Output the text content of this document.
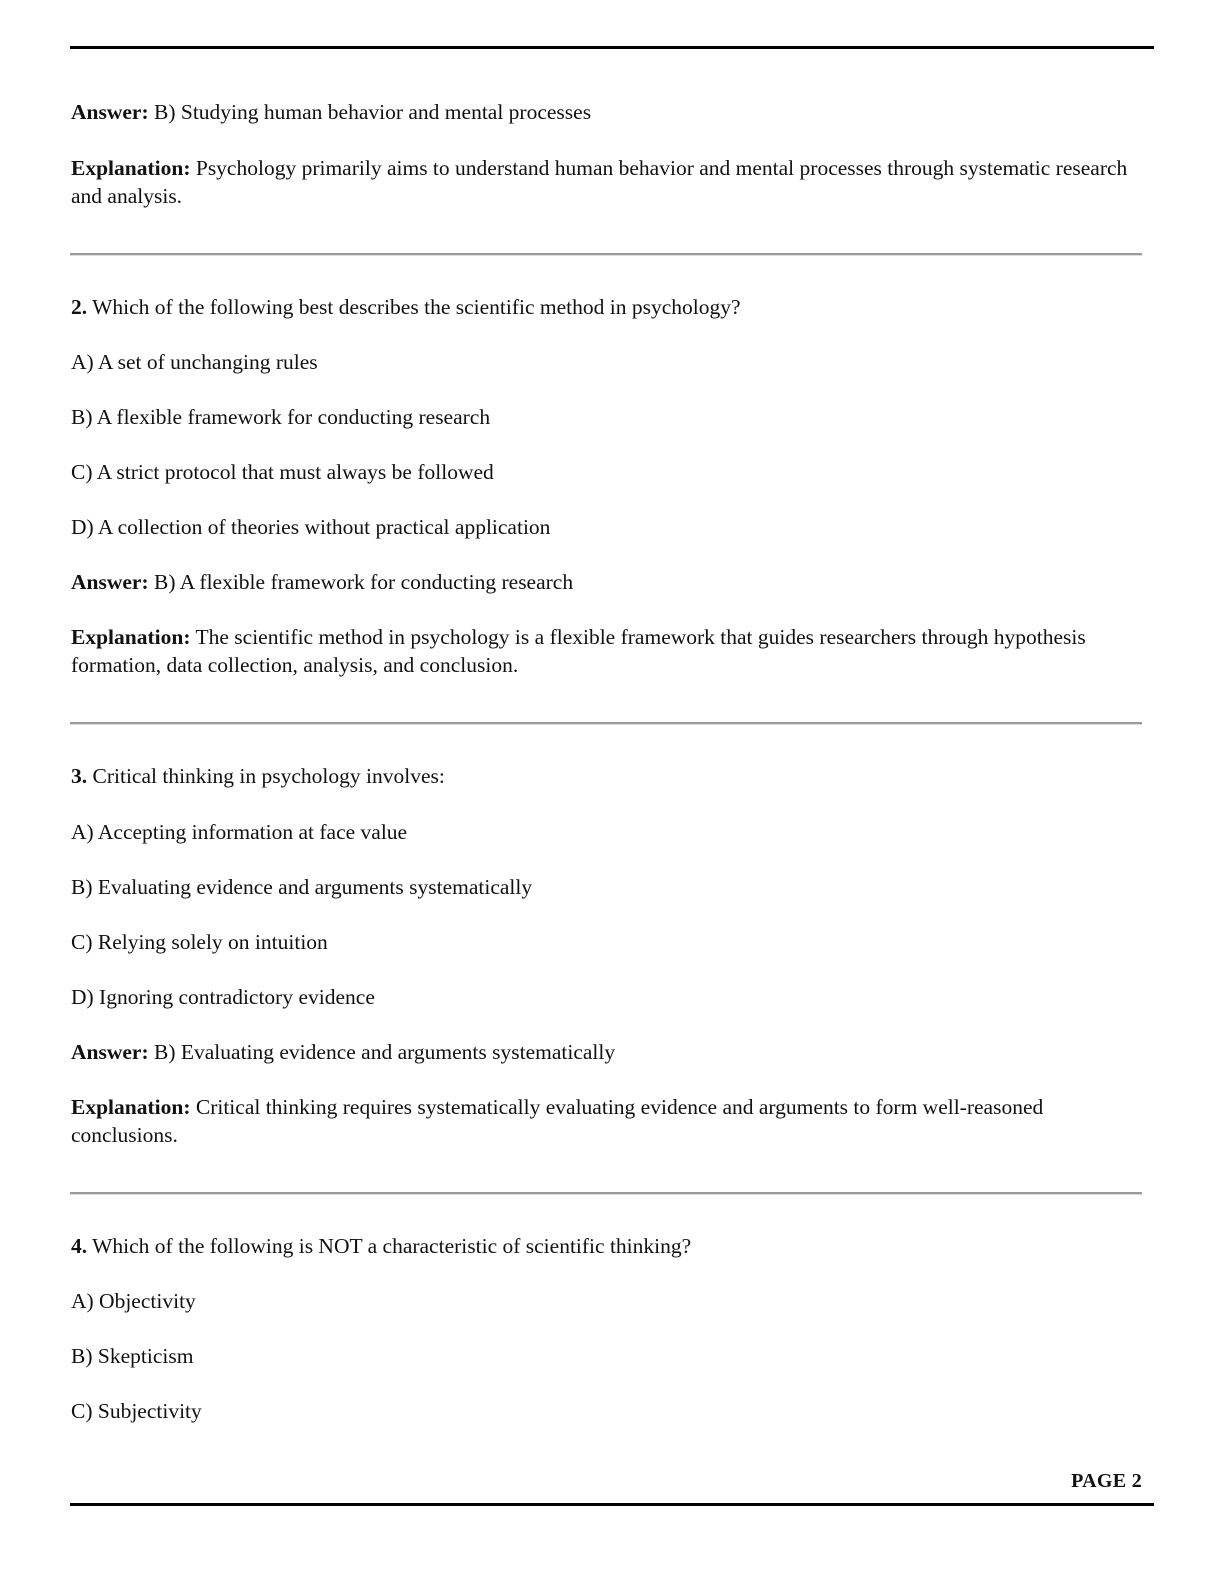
Answer: B) Studying human behavior and mental processes
Explanation: Psychology primarily aims to understand human behavior and mental processes through systematic research and analysis.
2. Which of the following best describes the scientific method in psychology?
A) A set of unchanging rules
B) A flexible framework for conducting research
C) A strict protocol that must always be followed
D) A collection of theories without practical application
Answer: B) A flexible framework for conducting research
Explanation: The scientific method in psychology is a flexible framework that guides researchers through hypothesis formation, data collection, analysis, and conclusion.
3. Critical thinking in psychology involves:
A) Accepting information at face value
B) Evaluating evidence and arguments systematically
C) Relying solely on intuition
D) Ignoring contradictory evidence
Answer: B) Evaluating evidence and arguments systematically
Explanation: Critical thinking requires systematically evaluating evidence and arguments to form well-reasoned conclusions.
4. Which of the following is NOT a characteristic of scientific thinking?
A) Objectivity
B) Skepticism
C) Subjectivity
PAGE 2
